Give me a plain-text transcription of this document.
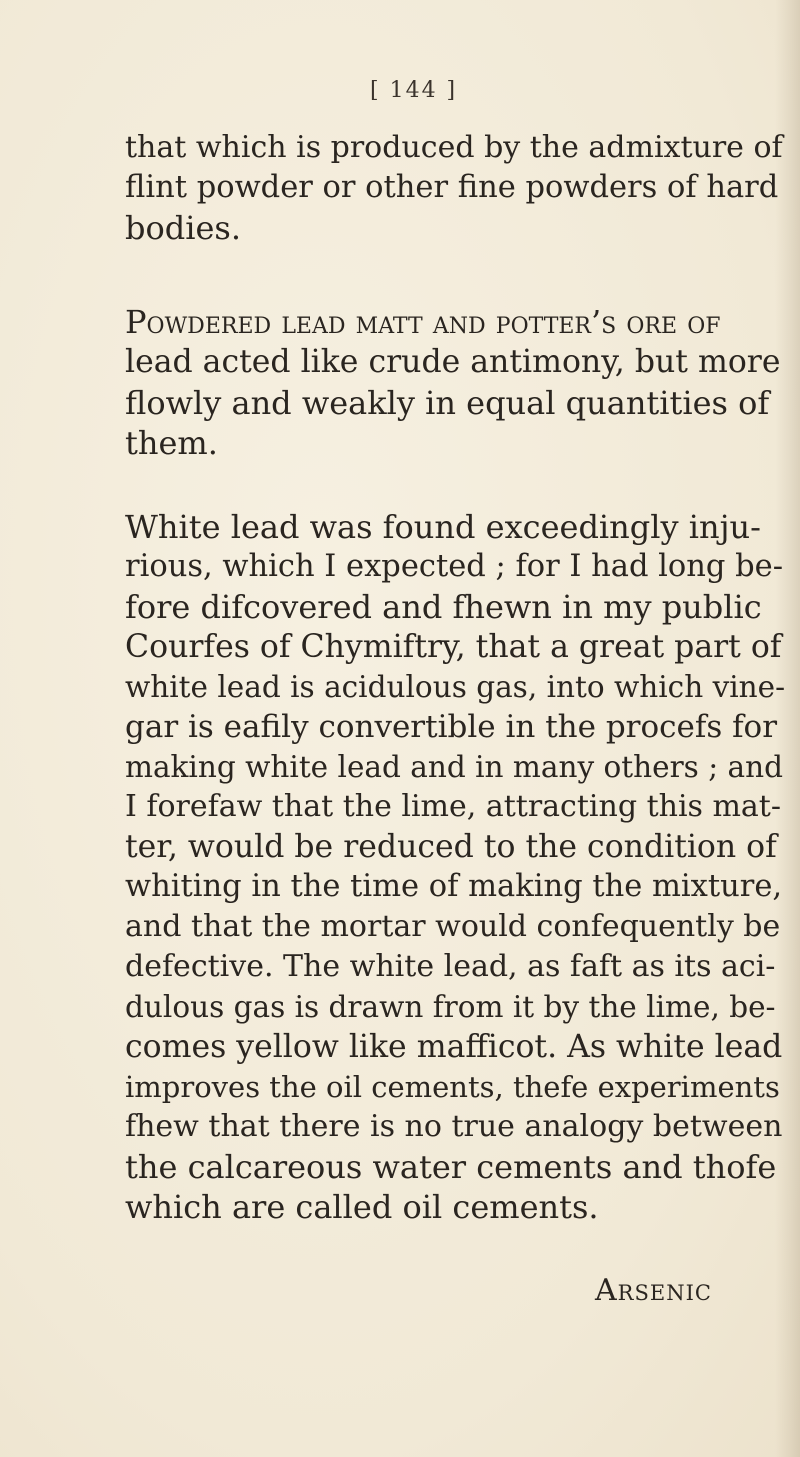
[ 144 ]
that which is produced by the admixture of
flint powder or other fine powders of hard
bodies.
Powdered lead matt and potter’s ore of
lead acted like crude antimony, but more
flowly and weakly in equal quantities of
them.
White lead was found exceedingly inju-
rious, which I expected ; for I had long be-
fore difcovered and fhewn in my public
Courfes of Chymiftry, that a great part of
white lead is acidulous gas, into which vine-
gar is eafily convertible in the procefs for
making white lead and in many others ; and
I forefaw that the lime, attracting this mat-
ter, would be reduced to the condition of
whiting in the time of making the mixture,
and that the mortar would confequently be
defective. The white lead, as faft as its aci-
dulous gas is drawn from it by the lime, be-
comes yellow like mafficot. As white lead
improves the oil cements, thefe experiments
fhew that there is no true analogy between
the calcareous water cements and thofe
which are called oil cements.
Arsenic
